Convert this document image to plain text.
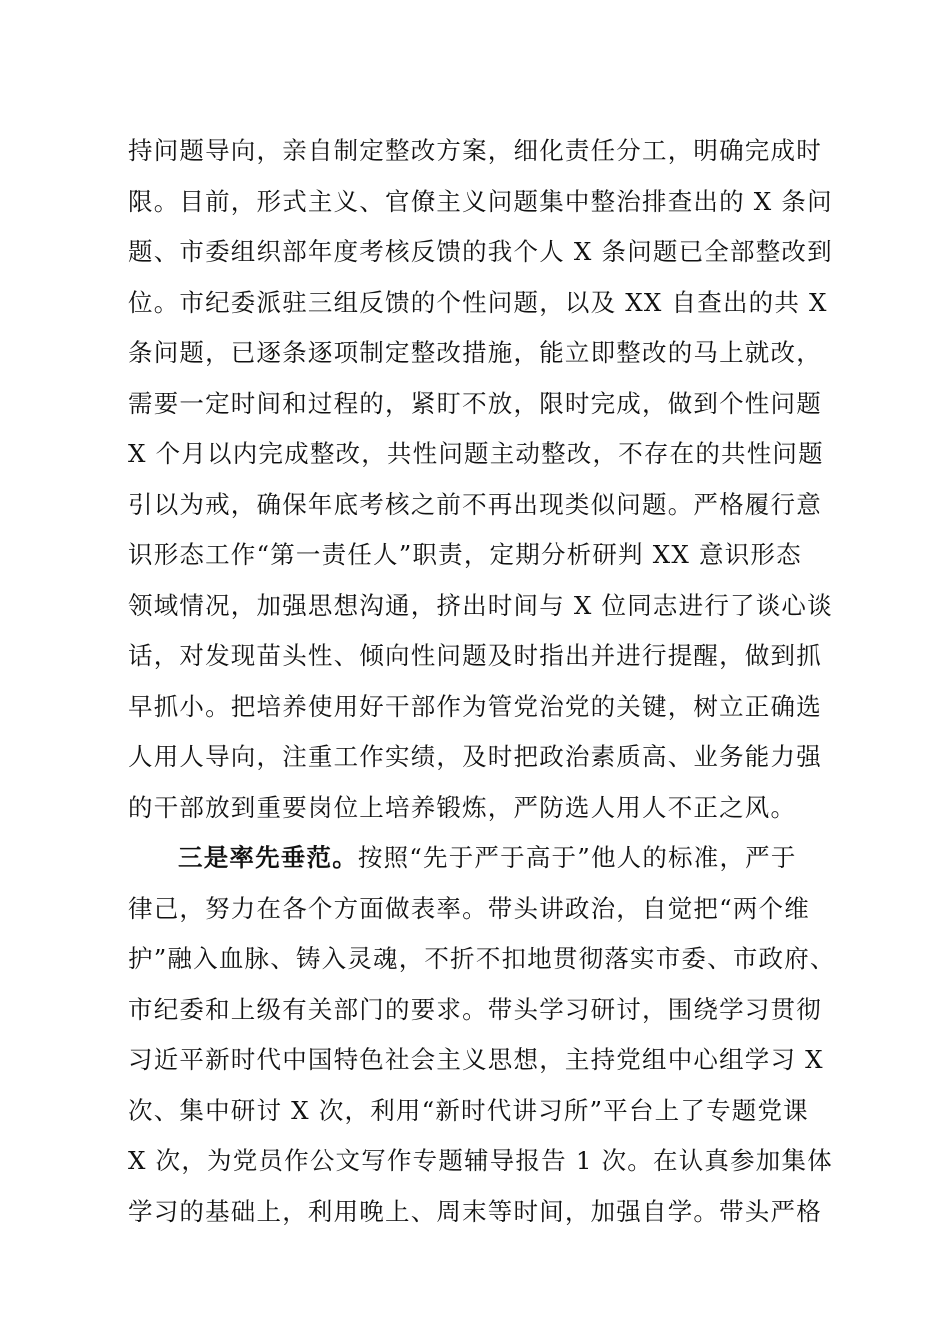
持问题导向，亲自制定整改方案，细化责任分工，明确完成时
限。目前，形式主义、官僚主义问题集中整治排查出的 X 条问
题、市委组织部年度考核反馈的我个人 X 条问题已全部整改到
位。市纪委派驻三组反馈的个性问题，以及 XX 自查出的共 X
条问题，已逐条逐项制定整改措施，能立即整改的马上就改，
需要一定时间和过程的，紧盯不放，限时完成，做到个性问题
X 个月以内完成整改，共性问题主动整改，不存在的共性问题
引以为戒，确保年底考核之前不再出现类似问题。严格履行意
识形态工作“第一责任人”职责，定期分析研判 XX 意识形态
领域情况，加强思想沟通，挤出时间与 X 位同志进行了谈心谈
话，对发现苗头性、倾向性问题及时指出并进行提醒，做到抓
早抓小。把培养使用好干部作为管党治党的关键，树立正确选
人用人导向，注重工作实绩，及时把政治素质高、业务能力强
的干部放到重要岗位上培养锻炼，严防选人用人不正之风。
三是率先垂范。按照“先于严于高于”他人的标准，严于
律己，努力在各个方面做表率。带头讲政治，自觉把“两个维
护”融入血脉、铸入灵魂，不折不扣地贯彻落实市委、市政府、
市纪委和上级有关部门的要求。带头学习研讨，围绕学习贯彻
习近平新时代中国特色社会主义思想，主持党组中心组学习 X
次、集中研讨 X 次，利用“新时代讲习所”平台上了专题党课
X 次，为党员作公文写作专题辅导报告 1 次。在认真参加集体
学习的基础上，利用晚上、周末等时间，加强自学。带头严格
